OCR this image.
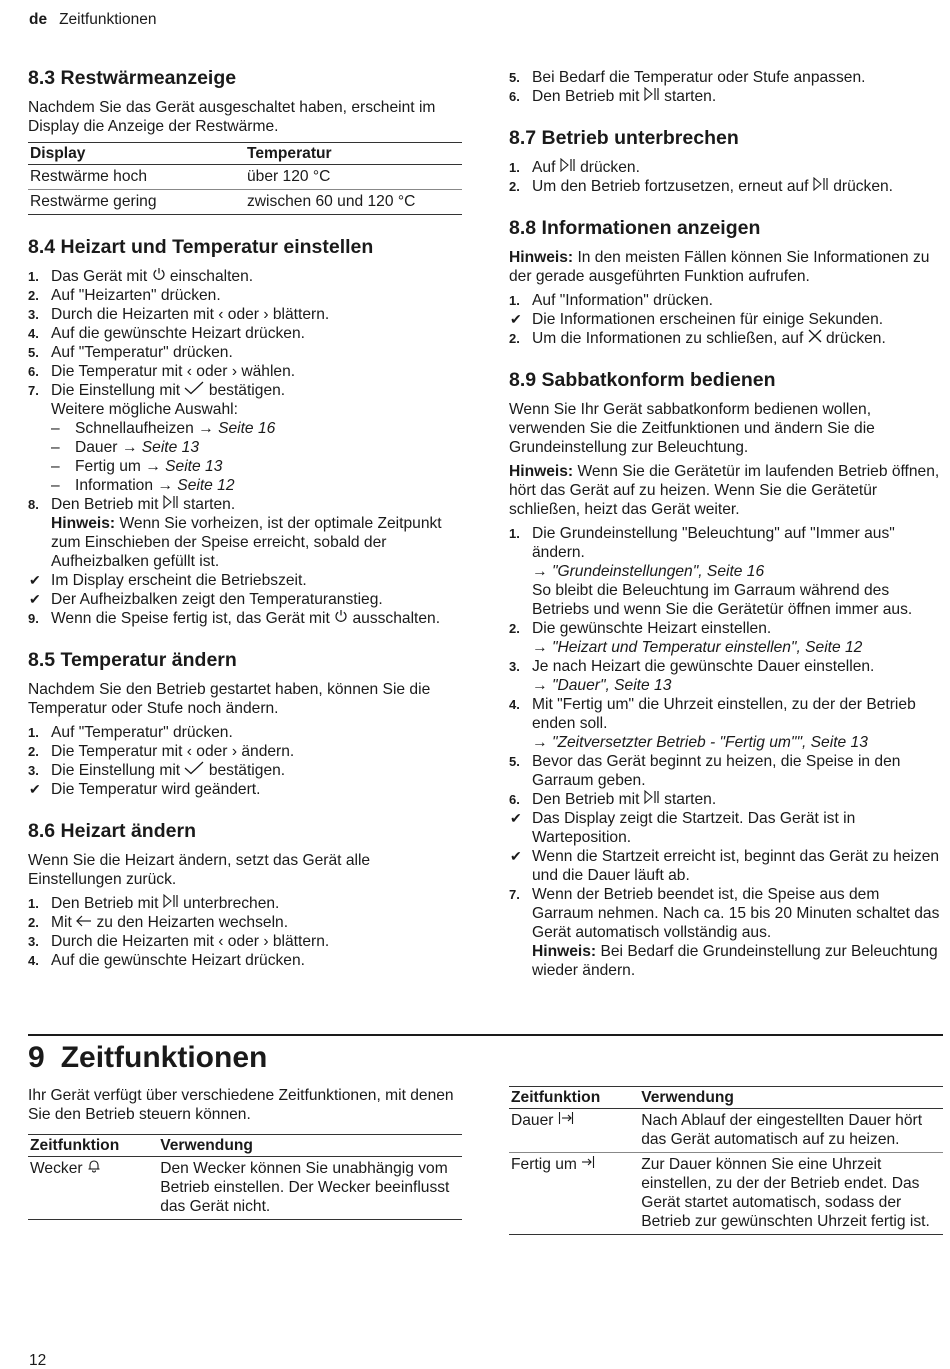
de Zeitfunktionen
8.3 Restwärmeanzeige

Nachdem Sie das Gerät ausgeschaltet haben, erscheint im Display die Anzeige der Restwärme.

Display	Temperatur
Restwärme hoch	über 120 °C
Restwärme gering	zwischen 60 und 120 °C
8.4 Heizart und Temperatur einstellen
1. Das Gerät mit einschalten.
2. Auf "Heizarten" drücken.
3. Durch die Heizarten mit ‹ oder › blättern.
4. Auf die gewünschte Heizart drücken.
5. Auf "Temperatur" drücken.
6. Die Temperatur mit ‹ oder › wählen.
7. Die Einstellung mit bestätigen.
Weitere mögliche Auswahl:
– Schnellaufheizen → Seite 16
– Dauer → Seite 13
– Fertig um → Seite 13
– Information → Seite 12
8. Den Betrieb mit starten.
Hinweis: Wenn Sie vorheizen, ist der optimale Zeitpunkt zum Einschieben der Speise erreicht, sobald der Aufheizbalken gefüllt ist.
✔ Im Display erscheint die Betriebszeit.
✔ Der Aufheizbalken zeigt den Temperaturanstieg.
9. Wenn die Speise fertig ist, das Gerät mit ausschalten.
8.5 Temperatur ändern

Nachdem Sie den Betrieb gestartet haben, können Sie die Temperatur oder Stufe noch ändern.

1. Auf "Temperatur" drücken.
2. Die Temperatur mit ‹ oder › ändern.
3. Die Einstellung mit bestätigen.
✔ Die Temperatur wird geändert.
8.6 Heizart ändern

Wenn Sie die Heizart ändern, setzt das Gerät alle Einstellungen zurück.

1. Den Betrieb mit unterbrechen.
2. Mit zu den Heizarten wechseln.
3. Durch die Heizarten mit ‹ oder › blättern.
4. Auf die gewünschte Heizart drücken.
5. Bei Bedarf die Temperatur oder Stufe anpassen.
6. Den Betrieb mit starten.
8.7 Betrieb unterbrechen
1. Auf drücken.
2. Um den Betrieb fortzusetzen, erneut auf drücken.
8.8 Informationen anzeigen

Hinweis: In den meisten Fällen können Sie Informationen zu der gerade ausgeführten Funktion aufrufen.

1. Auf "Information" drücken.
✔ Die Informationen erscheinen für einige Sekunden.
2. Um die Informationen zu schließen, auf drücken.
8.9 Sabbatkonform bedienen

Wenn Sie Ihr Gerät sabbatkonform bedienen wollen, verwenden Sie die Zeitfunktionen und ändern Sie die Grundeinstellung zur Beleuchtung.

Hinweis: Wenn Sie die Gerätetür im laufenden Betrieb öffnen, hört das Gerät auf zu heizen. Wenn Sie die Gerätetür schließen, heizt das Gerät weiter.

1. Die Grundeinstellung "Beleuchtung" auf "Immer aus" ändern.
→ "Grundeinstellungen", Seite 16
So bleibt die Beleuchtung im Garraum während des Betriebs und wenn Sie die Gerätetür öffnen immer aus.
2. Die gewünschte Heizart einstellen.
→ "Heizart und Temperatur einstellen", Seite 12
3. Je nach Heizart die gewünschte Dauer einstellen.
→ "Dauer", Seite 13
4. Mit "Fertig um" die Uhrzeit einstellen, zu der der Betrieb enden soll.
→ "Zeitversetzter Betrieb - "Fertig um"", Seite 13
5. Bevor das Gerät beginnt zu heizen, die Speise in den Garraum geben.
6. Den Betrieb mit starten.
✔ Das Display zeigt die Startzeit. Das Gerät ist in Warteposition.
✔ Wenn die Startzeit erreicht ist, beginnt das Gerät zu heizen und die Dauer läuft ab.
7. Wenn der Betrieb beendet ist, die Speise aus dem Garraum nehmen. Nach ca. 15 bis 20 Minuten schaltet das Gerät automatisch vollständig aus.
Hinweis: Bei Bedarf die Grundeinstellung zur Beleuchtung wieder ändern.
9 Zeitfunktionen

Ihr Gerät verfügt über verschiedene Zeitfunktionen, mit denen Sie den Betrieb steuern können.

Zeitfunktion	Verwendung
Wecker	Den Wecker können Sie unabhängig vom Betrieb einstellen. Der Wecker beeinflusst das Gerät nicht.
Zeitfunktion	Verwendung
Dauer	Nach Ablauf der eingestellten Dauer hört das Gerät automatisch auf zu heizen.
Fertig um	Zur Dauer können Sie eine Uhrzeit einstellen, zu der der Betrieb endet. Das Gerät startet automatisch, sodass der Betrieb zur gewünschten Uhrzeit fertig ist.
12
